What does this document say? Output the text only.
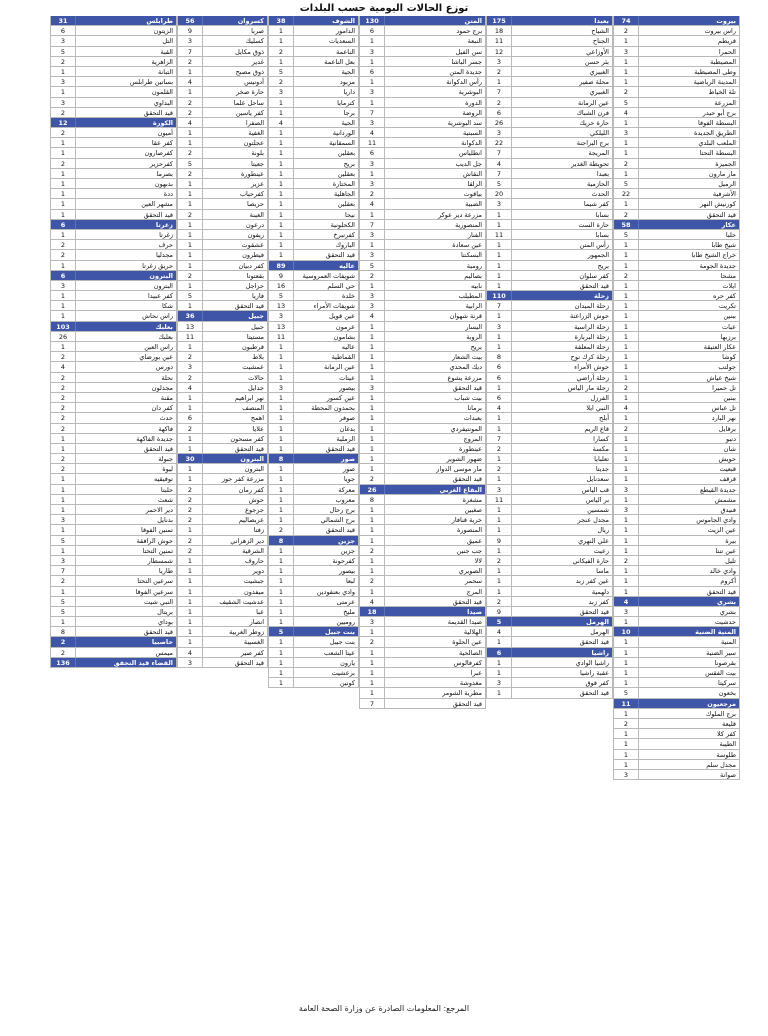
توزع الحالات اليومية حسب البلدات
بيروت
74
راس بيروت
2
قريطم
1
الحمرا
3
المصيطبة
1
وطى المصيطبة
1
المدينة الرياضية
1
تلة الخياط
2
المزرعة
5
برج أبو حيدر
4
البسطة الفوقا
1
الطريق الجديدة
3
الملعب البلدي
1
البسطة التحتا
1
الجميزة
2
مار مارون
1
الرميل
5
الأشرفية
22
كورنيش النهر
1
قيد التحقق
2
عكار
58
حلبا
5
شيخ طابا
1
خراج الشيخ طابا
1
جديدة الجومة
1
مشحا
2
ايلات
1
كفر حره
1
تكريت
1
ببنين
1
عيات
1
برزبها
1
عكار العتيقة
1
كوشا
1
جولتب
1
شيخ عياش
1
تل حميرا
2
ببنين
1
تل عباس
4
نهر البارد
1
برقايل
2
دنبو
1
شان
1
حويش
1
قبعيت
1
قرقف
1
جديدة القيطع
3
مشمش
1
فنيدق
3
وادي الجاموس
1
عين الزيت
1
بيرة
1
عين تنتا
1
تليل
2
وادي خالد
1
أكروم
1
قيد التحقق
1
بشري
4
بشري
3
حدشيت
1
المنية الضنية
10
المنية
1
سير الضنية
1
بقرصونا
1
بيت الفقس
1
سركيتا
1
بخعون
5
مرجعيون
11
برج الملوك
1
قليعة
2
كفر كلا
1
الطيبة
1
طلوسة
1
مجدل سلم
1
صوانة
3
بعبدا
175
الشياح
18
الجناح
11
الأوزاعي
12
بئر حسن
3
الغبيري
2
محلة صفير
1
الغبيري
7
عين الرمانة
2
فرن الشباك
6
حارة حريك
26
الليلكي
3
برج البراجنة
22
المريجة
7
تحويطة الغدير
4
بعبدا
7
الحازمية
5
الحدث
20
كفر شيما
3
بسابا
1
حارة الست
1
بسابا
11
رأس المتن
1
الجمهور
1
بريح
1
كفر سلوان
1
قيد التحقق
1
زحلة
110
زحلة الميدان
7
حوش الزراعنة
1
زحلة الراسية
3
زحلة البربارة
1
زحلة المعلقة
1
زحلة كرك نوح
8
حوش الأمراء
6
زحلة أراضي
6
زحلة مار الياس
1
الفرزل
6
النبي ايلا
4
أبلح
1
قاع الريم
1
كسارا
7
مكسة
2
تعلبايا
1
جديتا
2
سعدنايل
1
قب الياس
3
بر الياس
11
شمسين
1
مجدل عنجر
1
ريال
1
علي النهري
9
رعيت
1
حارة الفيكاني
2
ماسا
1
عين كفر زبد
1
دلهمية
1
كفر زبد
2
قيد التحقق
9
الهرمل
5
الهرمل
4
قيد التحقق
1
راشيا
6
راشيا الوادي
1
عقبة راشيا
1
كفر قوق
3
قيد التحقق
1
المتن
130
برج حمود
6
النبعة
1
سن الفيل
3
جسر الباشا
1
جديدة المتن
6
رأس الدكوانة
1
البوشرية
3
الدورة
1
الروضة
7
سد البوشرية
3
السبتية
4
الدكوانة
11
انطلياس
6
جل الديب
3
النقاش
1
الزلقا
3
بياقوت
2
الضبية
4
مزرعة دير عوكر
1
المنصورية
7
الفنار
3
عين سعادة
1
البسكنتا
3
رومية
5
بصاليم
2
نابيه
1
المطيلب
3
الرابية
3
قرنة شهوان
4
اليسار
1
الروبة
1
بريح
1
بيت الشعار
1
ديك المحدي
1
مزرعة يشوع
1
قيد التحقق
3
بيت شباب
1
برمانا
1
بعبدات
1
المونتيفردي
1
المروج
1
عينطورة
1
ضهور الشوير
1
مار موسى الدوار
1
قيد التحقق
2
البقاع الغربي
26
مشغرة
8
صغبين
1
خربة قنافار
1
المنصورة
1
عميق
1
جب جنين
2
لالا
1
الصويري
1
سحمر
2
المرج
1
قيد التحقق
4
صيدا
18
صيدا القديمة
3
الهلالية
1
عين الحلوة
2
الصالحية
1
كفرفالوس
1
عبرا
1
مغدوشة
1
مطرية الشومر
1
قيد التحقق
7
الشوف
38
الدامور
1
السعديات
1
الناعمة
2
بعل الناعمة
1
الجية
5
مزبود
2
داريا
3
كترمايا
1
برجا
1
الجية
4
الوردانية
1
السمقانية
1
بعقلين
1
بريح
1
بعقلين
1
المختارة
1
الجاهلية
1
بعقلين
1
نيحا
1
الكحلونية
1
كفرنبرخ
1
الباروك
1
قيد التحقق
1
عاليه
89
شويفات العمروسية
9
حي السلم
16
خلدة
5
شويفات الأمراء
13
عين قويل
3
عرمون
13
بشامون
11
عاليه
1
القماطية
1
عين الرمانة
1
عيتات
1
بيصور
3
عين كسور
1
بحمدون المحطة
1
صوفر
1
بدغان
1
الرملية
1
قيد التحقق
1
صور
8
صور
1
جويا
1
معركة
1
معروب
1
برج رحال
1
برج الشمالي
1
قيد التحقق
2
جزين
8
جزين
1
كفرحونة
1
بيصور
1
لبعا
1
وادي بعنقودين
1
عرمتى
1
مليخ
1
روميين
1
بنت جبيل
5
بنت جبيل
1
عيتا الشعب
1
يارون
1
برعشيت
1
كونين
1
كسروان
56
صربا
9
كسليك
3
ذوق مكايل
7
غدير
2
ذوق مصبح
1
أدونيس
4
حارة صخر
1
ساحل علما
2
كفر ياسين
2
الصفرا
4
الغفية
1
عجلتون
1
بلونة
2
جعيتا
5
عينطورة
2
عزير
1
كفرحباب
1
حريصا
1
الغينة
2
درعون
1
ريفون
1
عشقوت
1
فيطرون
1
كفر دبيان
1
بقعتوتا
2
حراجل
1
فاريا
5
قيد التحقق
1
جبيل
36
جبيل
13
مستيتا
11
قرطبون
1
بلاط
2
عمشيت
3
حالات
2
جدايل
4
نهر ابراهيم
1
المنصف
1
اهمج
6
علايا
2
كفر مسحون
1
قيد التحقق
1
البترون
30
البترون
1
مزرعة كفر حوز
1
كفر رمان
2
حوش
2
جرجوع
2
عربصاليم
2
زفتا
1
دير الزهراني
2
الشرقية
2
حاروف
1
دوير
1
جبشيت
1
ميفدون
1
عدشيت الشقيف
1
عبا
1
انصار
1
زوطر الغربية
1
الغسيبة
1
كفر صير
4
قيد التحقق
3
طرابلس
31
الزيتون
6
التل
3
القبة
5
الزاهرية
2
التبانة
1
بساتين طرابلس
3
القلمون
1
البداوي
3
قيد التحقق
2
الكورة
12
أميون
2
كفر عقا
1
كفرصارون
1
كفرحزير
2
بصرما
1
بدبهون
1
ددة
1
مشهر العين
1
قيد التحقق
1
زغرتا
6
زغرتا
1
حرف
2
مجدليا
2
حريق زغرتا
1
البترون
6
البترون
3
كفر عبيدا
1
شكا
1
راس نحاش
1
بعلبك
103
بعلبك
26
راس العين
1
عين بورضاي
2
دورس
4
نحلة
2
مجدلون
2
مقنة
2
كفر دان
2
حدث
2
فاكهة
2
جديدة الفاكهة
1
قيد التحقق
1
جبولة
2
ليوة
2
توفيقيه
1
حلبتا
1
شعث
1
دير الاحمر
1
بدنايل
3
تمنين الفوقا
1
حوش الرافقة
5
تمنين التحتا
1
شمسطار
3
طاريا
7
سرعين التحتا
2
سرعين الفوقا
1
النبي شيت
5
بريتال
5
بوداي
1
قيد التحقق
8
حاصبيا
2
ميمس
2
القضاء قيد التحقق
136
المرجع: المعلومات الصادرة عن وزارة الصحة العامة
